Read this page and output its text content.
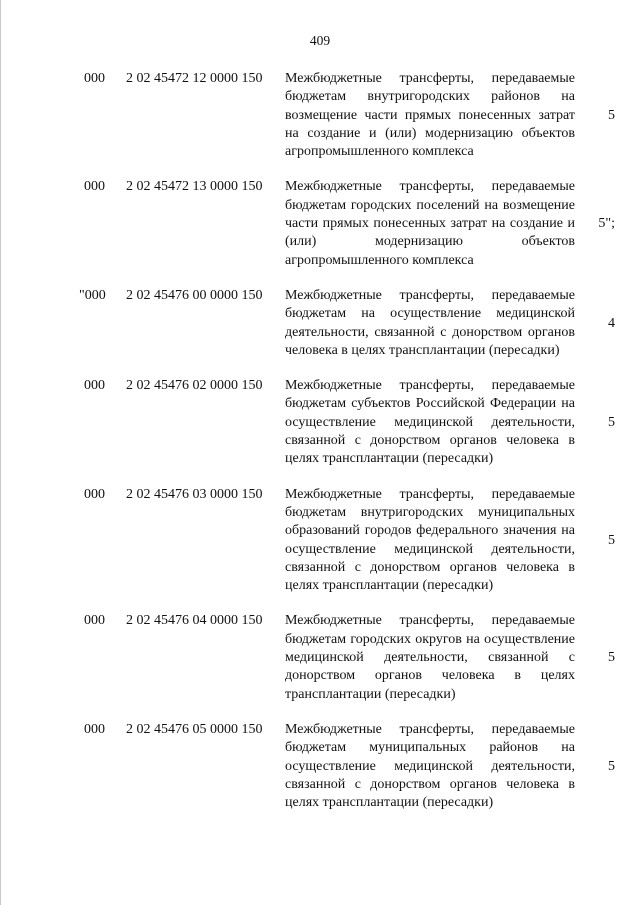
409
000 2 02 45472 12 0000 150 Межбюджетные трансферты, передаваемые бюджетам внутригородских районов на возмещение части прямых понесенных затрат на создание и (или) модернизацию объектов агропромышленного комплекса
5
000 2 02 45472 13 0000 150 Межбюджетные трансферты, передаваемые бюджетам городских поселений на возмещение части прямых понесенных затрат на создание и (или) модернизацию объектов агропромышленного комплекса
5";
"000 2 02 45476 00 0000 150 Межбюджетные трансферты, передаваемые бюджетам на осуществление медицинской деятельности, связанной с донорством органов человека в целях трансплантации (пересадки)
4
000 2 02 45476 02 0000 150 Межбюджетные трансферты, передаваемые бюджетам субъектов Российской Федерации на осуществление медицинской деятельности, связанной с донорством органов человека в целях трансплантации (пересадки)
5
000 2 02 45476 03 0000 150 Межбюджетные трансферты, передаваемые бюджетам внутригородских муниципальных образований городов федерального значения на осуществление медицинской деятельности, связанной с донорством органов человека в целях трансплантации (пересадки)
5
000 2 02 45476 04 0000 150 Межбюджетные трансферты, передаваемые бюджетам городских округов на осуществление медицинской деятельности, связанной с донорством органов человека в целях трансплантации (пересадки)
5
000 2 02 45476 05 0000 150 Межбюджетные трансферты, передаваемые бюджетам муниципальных районов на осуществление медицинской деятельности, связанной с донорством органов человека в целях трансплантации (пересадки)
5
